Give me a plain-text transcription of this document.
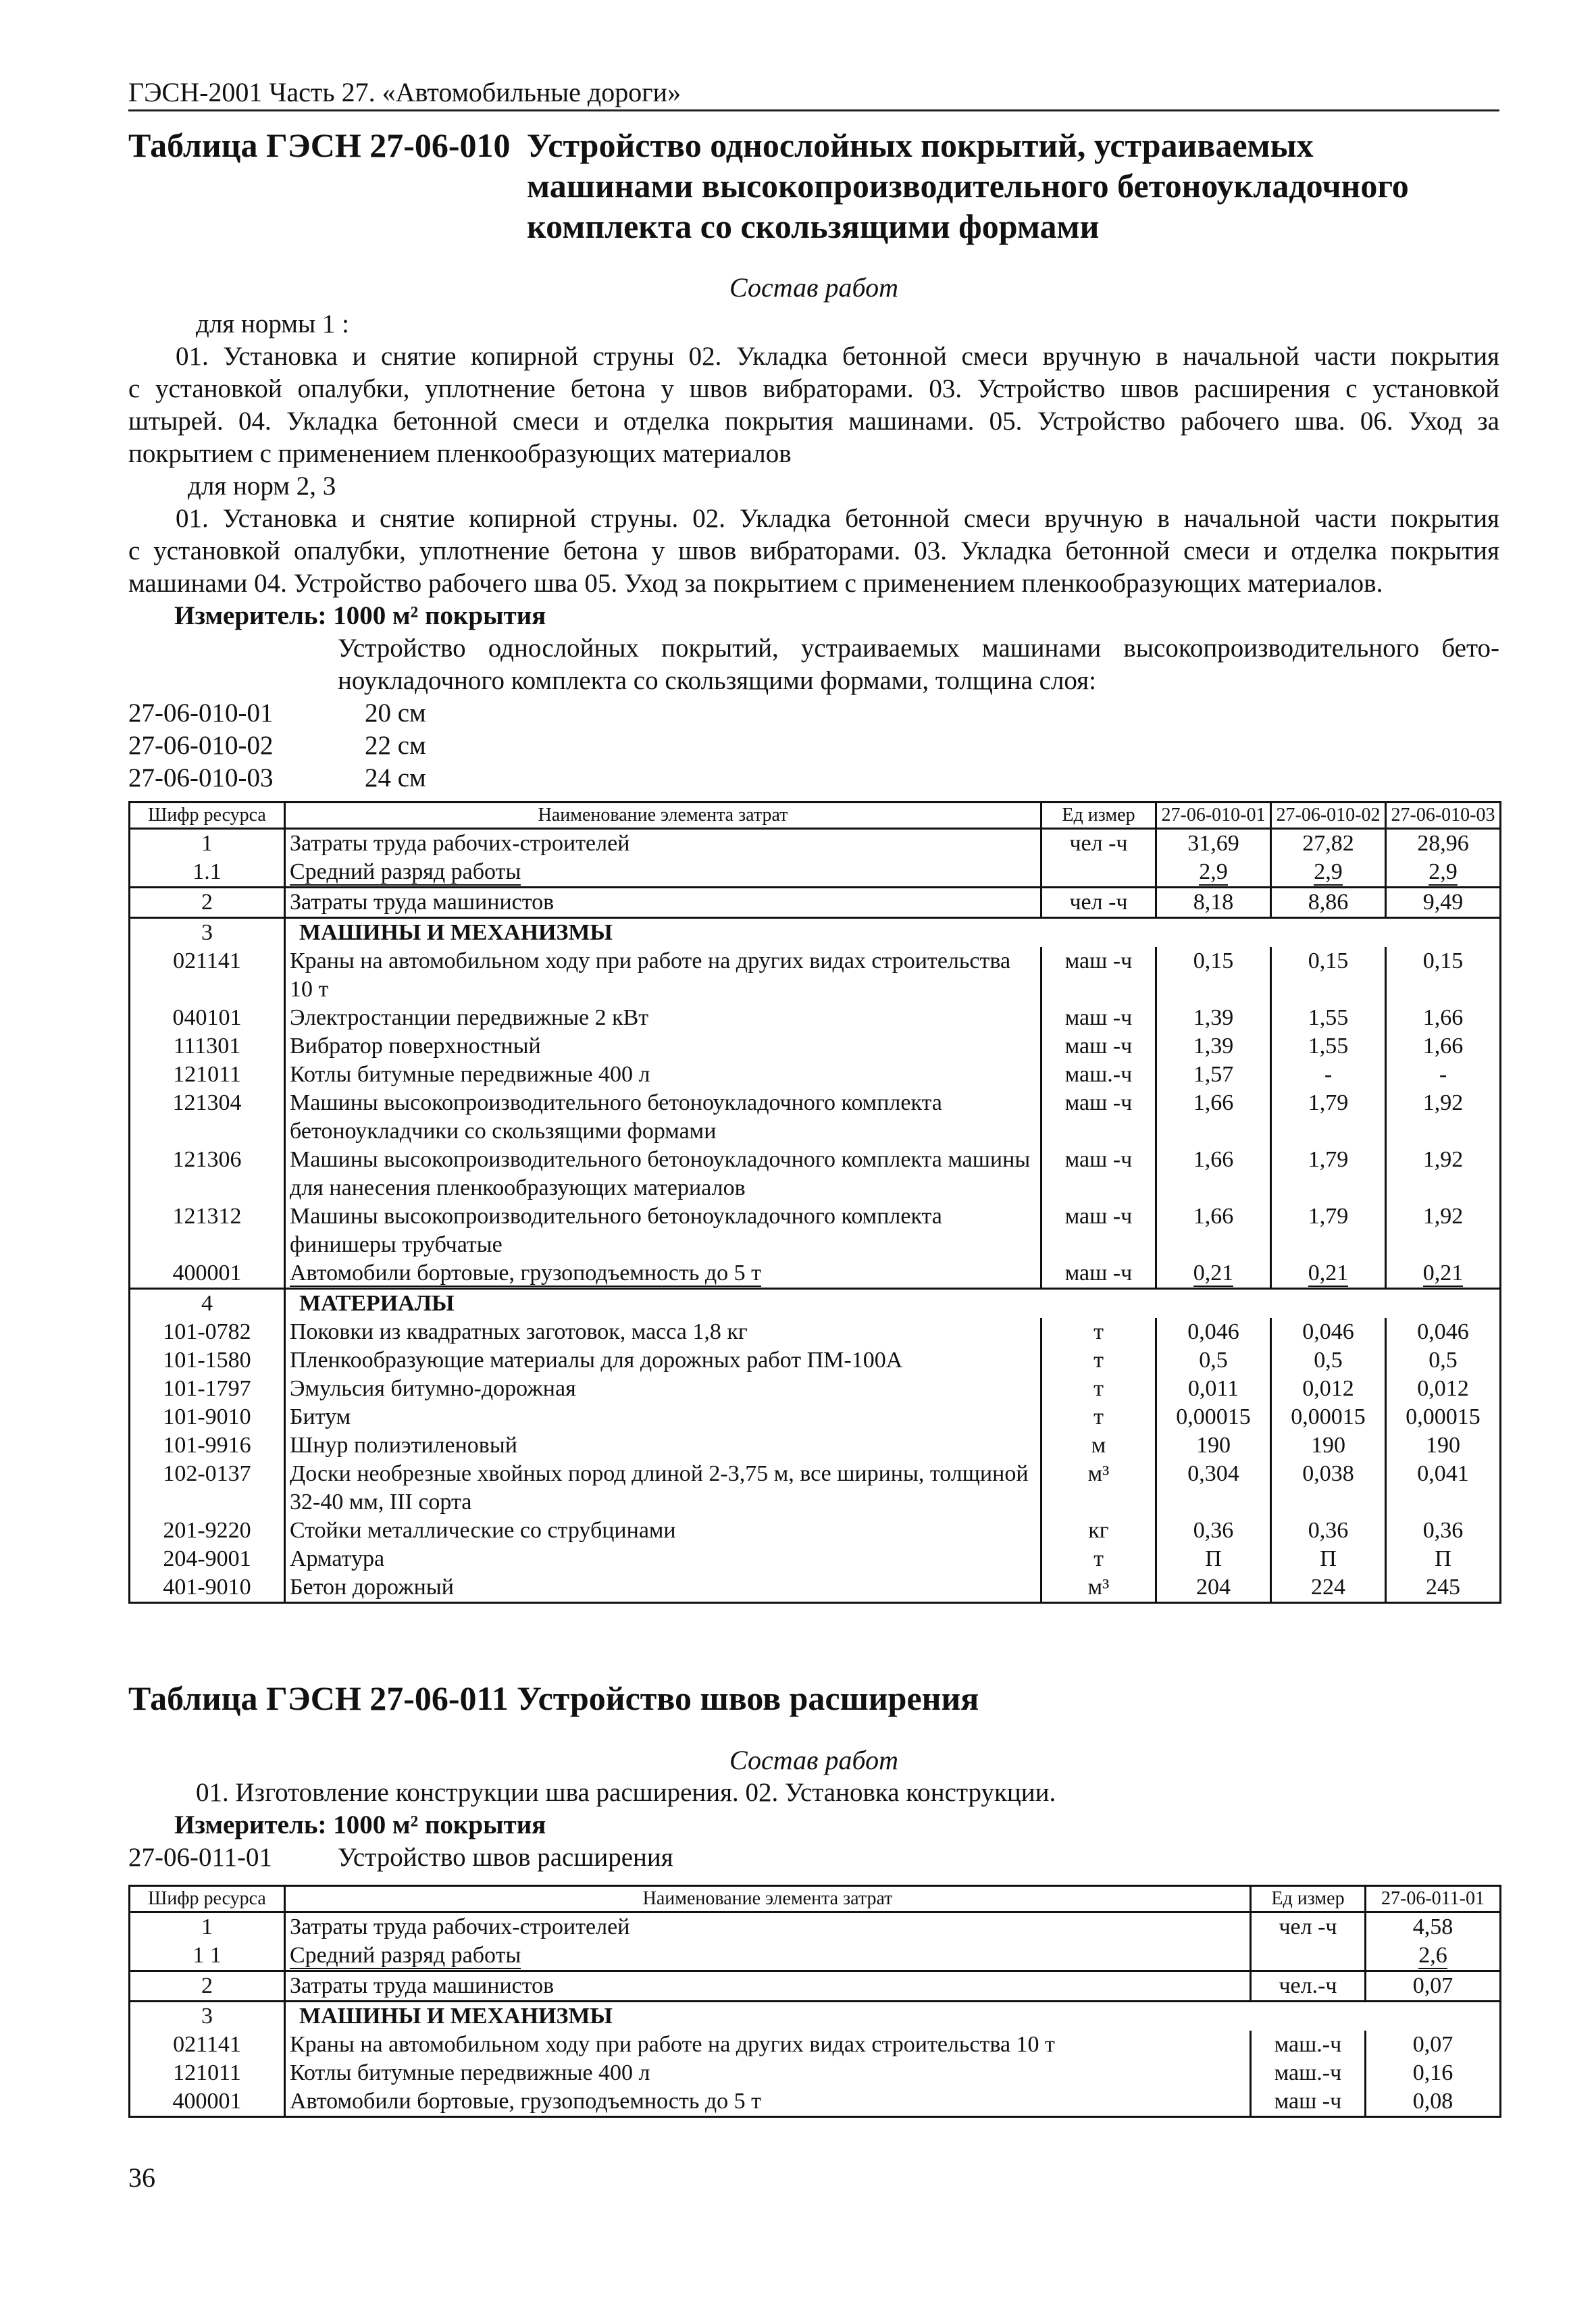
ГЭСН-2001 Часть 27. «Автомобильные дороги»
Таблица ГЭСН 27-06-010 Устройство однослойных покрытий, устраиваемых машинами высокопроизводительного бетоноукладочного комплекта со скользящими формами
Состав работ
для нормы 1 :
01. Установка и снятие копирной струны 02. Укладка бетонной смеси вручную в начальной части покрытия
с установкой опалубки, уплотнение бетона у швов вибраторами. 03. Устройство швов расширения с установкой
штырей. 04. Укладка бетонной смеси и отделка покрытия машинами. 05. Устройство рабочего шва. 06. Уход за
покрытием с применением пленкообразующих материалов
для норм 2, 3
01. Установка и снятие копирной струны. 02. Укладка бетонной смеси вручную в начальной части покрытия
с установкой опалубки, уплотнение бетона у швов вибраторами. 03. Укладка бетонной смеси и отделка покрытия
машинами 04. Устройство рабочего шва 05. Уход за покрытием с применением пленкообразующих материалов.
Измеритель: 1000 м² покрытия
Устройство однослойных покрытий, устраиваемых машинами высокопроизводительного бето-
ноукладочного комплекта со скользящими формами, толщина слоя:
27-06-010-01	20 см
27-06-010-02	22 см
27-06-010-03	24 см
Шифр ресурса	Наименование элемента затрат	Ед измер	27-06-010-01	27-06-010-02	27-06-010-03
1	Затраты труда рабочих-строителей	чел -ч	31,69	27,82	28,96
1.1	Средний разряд работы		2,9	2,9	2,9
2	Затраты труда машинистов	чел -ч	8,18	8,86	9,49
3	МАШИНЫ И МЕХАНИЗМЫ				
021141	Краны на автомобильном ходу при работе на других видах строительства 10 т	маш -ч	0,15	0,15	0,15
040101	Электростанции передвижные 2 кВт	маш -ч	1,39	1,55	1,66
111301	Вибратор поверхностный	маш -ч	1,39	1,55	1,66
121011	Котлы битумные передвижные 400 л	маш.-ч	1,57	-	-
121304	Машины высокопроизводительного бетоноукладочного комплекта бетоноукладчики со скользящими формами	маш -ч	1,66	1,79	1,92
121306	Машины высокопроизводительного бетоноукладочного комплекта машины для нанесения пленкообразующих материалов	маш -ч	1,66	1,79	1,92
121312	Машины высокопроизводительного бетоноукладочного комплекта финишеры трубчатые	маш -ч	1,66	1,79	1,92
400001	Автомобили бортовые, грузоподъемность до 5 т	маш -ч	0,21	0,21	0,21
4	МАТЕРИАЛЫ				
101-0782	Поковки из квадратных заготовок, масса 1,8 кг	т	0,046	0,046	0,046
101-1580	Пленкообразующие материалы для дорожных работ ПМ-100А	т	0,5	0,5	0,5
101-1797	Эмульсия битумно-дорожная	т	0,011	0,012	0,012
101-9010	Битум	т	0,00015	0,00015	0,00015
101-9916	Шнур полиэтиленовый	м	190	190	190
102-0137	Доски необрезные хвойных пород длиной 2-3,75 м, все ширины, толщиной 32-40 мм, III сорта	м³	0,304	0,038	0,041
201-9220	Стойки металлические со струбцинами	кг	0,36	0,36	0,36
204-9001	Арматура	т	П	П	П
401-9010	Бетон дорожный	м³	204	224	245
Таблица ГЭСН 27-06-011 Устройство швов расширения
Состав работ
01. Изготовление конструкции шва расширения. 02. Установка конструкции.
Измеритель: 1000 м² покрытия
27-06-011-01 Устройство швов расширения
Шифр ресурса	Наименование элемента затрат	Ед измер	27-06-011-01
1	Затраты труда рабочих-строителей	чел -ч	4,58
1 1	Средний разряд работы		2,6
2	Затраты труда машинистов	чел.-ч	0,07
3	МАШИНЫ И МЕХАНИЗМЫ		
021141	Краны на автомобильном ходу при работе на других видах строительства 10 т	маш.-ч	0,07
121011	Котлы битумные передвижные 400 л	маш.-ч	0,16
400001	Автомобили бортовые, грузоподъемность до 5 т	маш -ч	0,08
36
